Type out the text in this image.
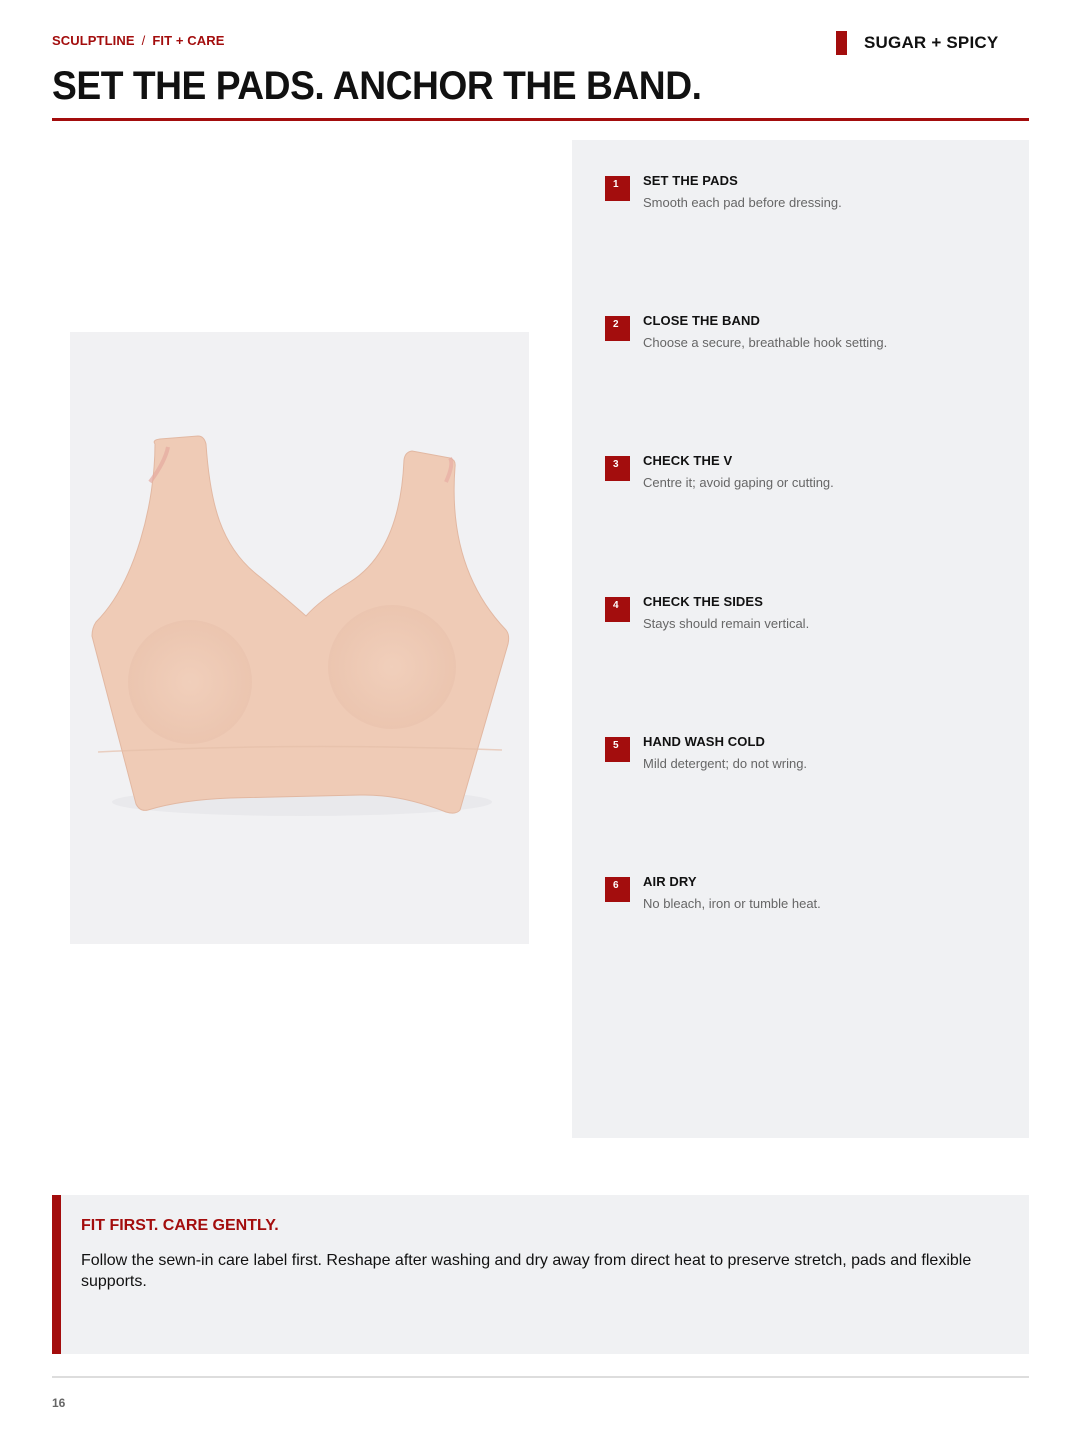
SCULPTLINE / FIT + CARE	SUGAR + SPICY
SET THE PADS. ANCHOR THE BAND.
1	SET THE PADS
Smooth each pad before dressing.
2	CLOSE THE BAND
Choose a secure, breathable hook setting.
3	CHECK THE V
Centre it; avoid gaping or cutting.
4	CHECK THE SIDES
Stays should remain vertical.
5	HAND WASH COLD
Mild detergent; do not wring.
6	AIR DRY
No bleach, iron or tumble heat.
FIT FIRST. CARE GENTLY.
Follow the sewn-in care label first. Reshape after washing and dry away from direct heat to preserve stretch, pads and flexible supports.
16
